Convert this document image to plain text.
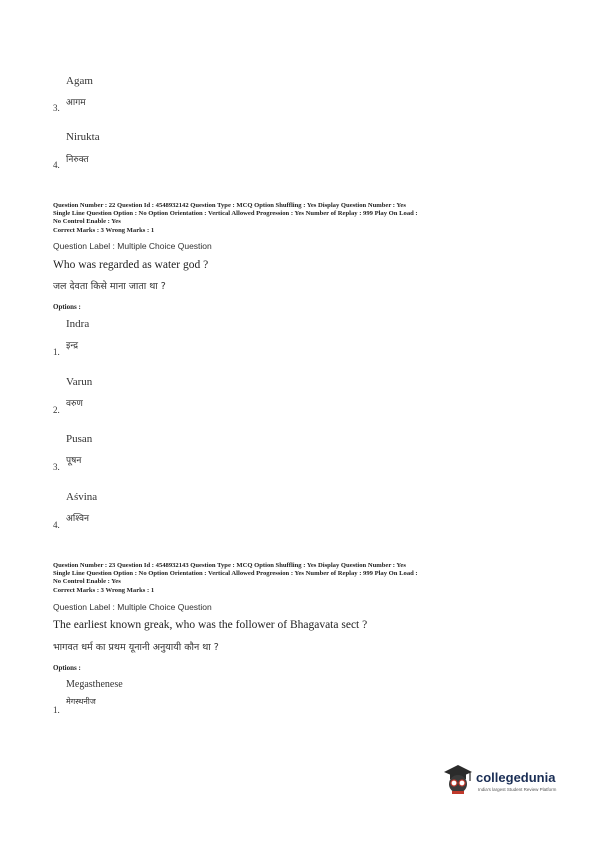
Agam
आगम
3.
Nirukta
निरुक्त
4.
Question Number : 22 Question Id : 4548932142 Question Type : MCQ Option Shuffling : Yes Display Question Number : Yes
Single Line Question Option : No Option Orientation : Vertical Allowed Progression : Yes Number of Replay : 999 Play On Load :
No Control Enable : Yes
Correct Marks : 3 Wrong Marks : 1
Question Label : Multiple Choice Question
Who was regarded as water god ?
जल देवता किसे माना जाता था ?
Options :
Indra
इन्द्र
1.
Varun
वरुण
2.
Pusan
पूषन
3.
Aśvina
अश्विन
4.
Question Number : 23 Question Id : 4548932143 Question Type : MCQ Option Shuffling : Yes Display Question Number : Yes
Single Line Question Option : No Option Orientation : Vertical Allowed Progression : Yes Number of Replay : 999 Play On Load :
No Control Enable : Yes
Correct Marks : 3 Wrong Marks : 1
Question Label : Multiple Choice Question
The earliest known greak, who was the follower of Bhagavata sect ?
भागवत धर्म का प्रथम यूनानी अनुयायी कौन था ?
Options :
Megasthenese
मेगस्थनीज
1.
collegedunia
India's largest Student Review Platform
